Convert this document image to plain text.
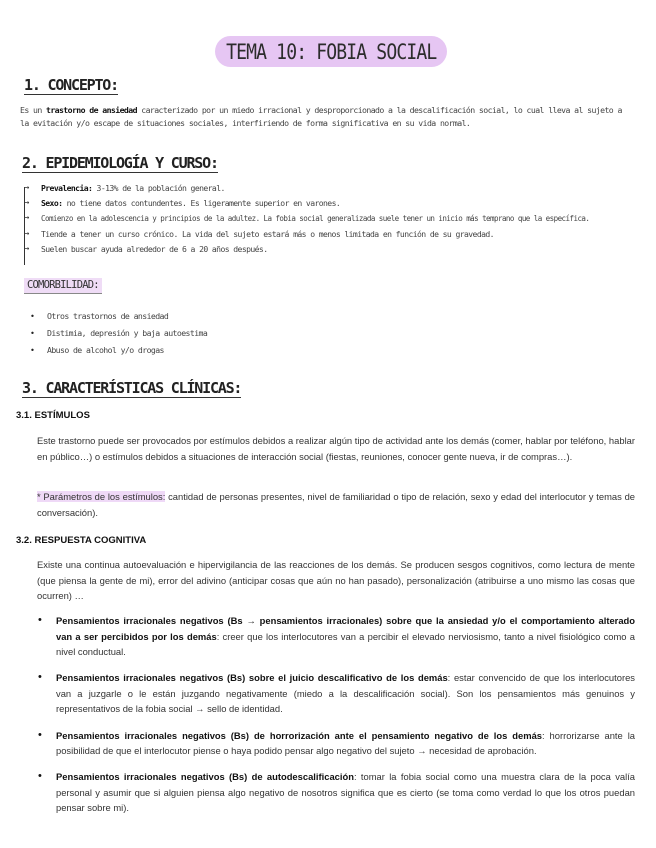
TEMA 10: FOBIA SOCIAL
1. CONCEPTO:
Es un trastorno de ansiedad caracterizado por un miedo irracional y desproporcionado a la descalificación social, lo cual lleva al sujeto a la evitación y/o escape de situaciones sociales, interfiriendo de forma significativa en su vida normal.
2. EPIDEMIOLOGÍA Y CURSO:
→ Prevalencia: 3-13% de la población general.
→ Sexo: no tiene datos contundentes. Es ligeramente superior en varones.
→ Comienzo en la adolescencia y principios de la adultez. La fobia social generalizada suele tener un inicio más temprano que la específica.
→ Tiende a tener un curso crónico. La vida del sujeto estará más o menos limitada en función de su gravedad.
→ Suelen buscar ayuda alrededor de 6 a 20 años después.
COMORBILIDAD:
• Otros trastornos de ansiedad
• Distimia, depresión y baja autoestima
• Abuso de alcohol y/o drogas
3. CARACTERÍSTICAS CLÍNICAS:
3.1. ESTÍMULOS
Este trastorno puede ser provocados por estímulos debidos a realizar algún tipo de actividad ante los demás (comer, hablar por teléfono, hablar en público…) o estímulos debidos a situaciones de interacción social (fiestas, reuniones, conocer gente nueva, ir de compras…).
* Parámetros de los estímulos: cantidad de personas presentes, nivel de familiaridad o tipo de relación, sexo y edad del interlocutor y temas de conversación).
3.2. RESPUESTA COGNITIVA
Existe una continua autoevaluación e hipervigilancia de las reacciones de los demás. Se producen sesgos cognitivos, como lectura de mente (que piensa la gente de mi), error del adivino (anticipar cosas que aún no han pasado), personalización (atribuirse a uno mismo las cosas que ocurren) …
• Pensamientos irracionales negativos (Bs → pensamientos irracionales) sobre que la ansiedad y/o el comportamiento alterado van a ser percibidos por los demás: creer que los interlocutores van a percibir el elevado nerviosismo, tanto a nivel fisiológico como a nivel conductual.
• Pensamientos irracionales negativos (Bs) sobre el juicio descalificativo de los demás: estar convencido de que los interlocutores van a juzgarle o le están juzgando negativamente (miedo a la descalificación social). Son los pensamientos más genuinos y representativos de la fobia social → sello de identidad.
• Pensamientos irracionales negativos (Bs) de horrorización ante el pensamiento negativo de los demás: horrorizarse ante la posibilidad de que el interlocutor piense o haya podido pensar algo negativo del sujeto → necesidad de aprobación.
• Pensamientos irracionales negativos (Bs) de autodescalificación: tomar la fobia social como una muestra clara de la poca valía personal y asumir que si alguien piensa algo negativo de nosotros significa que es cierto (se toma como verdad lo que los otros puedan pensar sobre mi).
